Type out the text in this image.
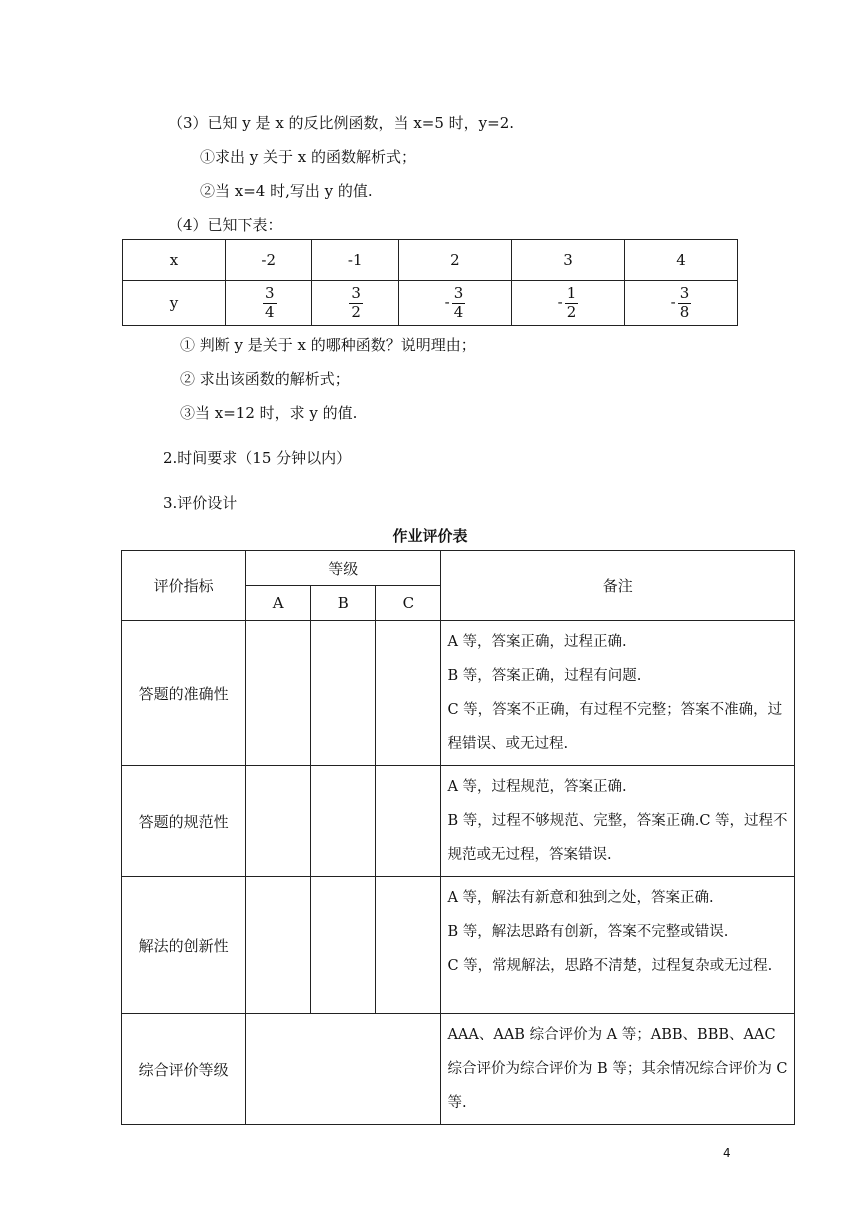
（3）已知 y 是 x 的反比例函数，当 x=5 时，y=2.
①求出 y 关于 x 的函数解析式；
②当 x=4 时,写出 y 的值.
（4）已知下表：
x	-2	-1	2	3	4
y	$\frac{3}{4}$	$\frac{3}{2}$	- $\frac{3}{4}$	- $\frac{1}{2}$	- $\frac{3}{8}$
① 判断 y 是关于 x 的哪种函数？说明理由；
② 求出该函数的解析式；
③当 x=12 时，求 y 的值.
2.时间要求（15 分钟以内）
3.评价设计
作业评价表
评价指标	等级			备注
	A	B	C	
答题的准确性				A 等，答案正确，过程正确.
B 等，答案正确，过程有问题.
C 等，答案不正确，有过程不完整；答案不准确，过程错误、或无过程.

答题的规范性				A 等，过程规范，答案正确.
B 等，过程不够规范、完整，答案正确.C 等，过程不规范或无过程，答案错误.

解法的创新性				A 等，解法有新意和独到之处，答案正确.
B 等，解法思路有创新，答案不完整或错误.
C 等，常规解法，思路不清楚，过程复杂或无过程.

综合评价等级				AAA、AAB 综合评价为 A 等；ABB、BBB、AAC 综合评价为综合评价为 B 等；其余情况综合评价为 C 等.
4
